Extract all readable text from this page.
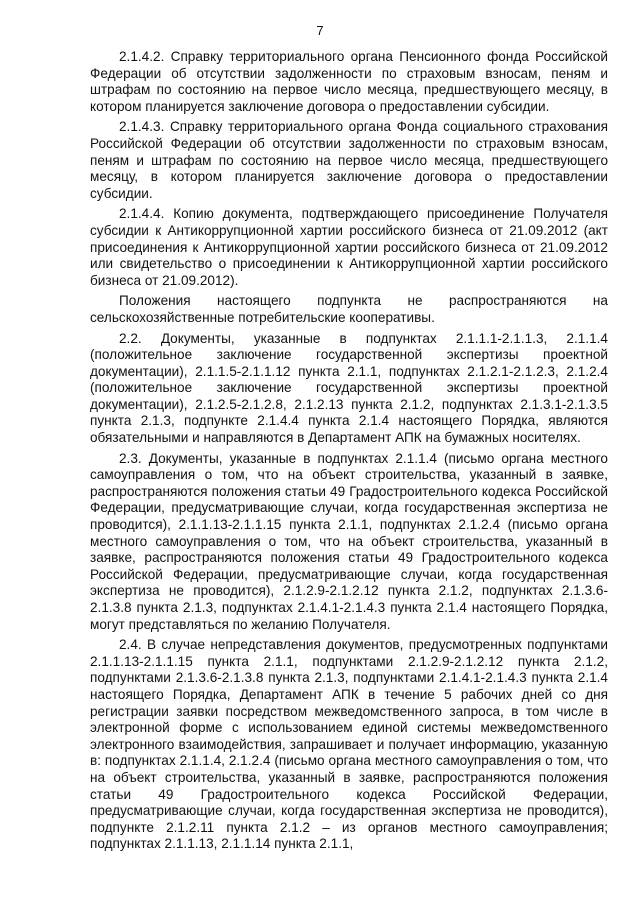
7

2.1.4.2. Справку территориального органа Пенсионного фонда Российской Федерации об отсутствии задолженности по страховым взносам, пеням и штрафам по состоянию на первое число месяца, предшествующего месяцу, в котором планируется заключение договора о предоставлении субсидии.

2.1.4.3. Справку территориального органа Фонда социального страхования Российской Федерации об отсутствии задолженности по страховым взносам, пеням и штрафам по состоянию на первое число месяца, предшествующего месяцу, в котором планируется заключение договора о предоставлении субсидии.

2.1.4.4. Копию документа, подтверждающего присоединение Получателя субсидии к Антикоррупционной хартии российского бизнеса от 21.09.2012 (акт присоединения к Антикоррупционной хартии российского бизнеса от 21.09.2012 или свидетельство о присоединении к Антикоррупционной хартии российского бизнеса от 21.09.2012).

Положения настоящего подпункта не распространяются на сельскохозяйственные потребительские кооперативы.

2.2. Документы, указанные в подпунктах 2.1.1.1-2.1.1.3, 2.1.1.4 (положительное заключение государственной экспертизы проектной документации), 2.1.1.5-2.1.1.12 пункта 2.1.1, подпунктах 2.1.2.1-2.1.2.3, 2.1.2.4 (положительное заключение государственной экспертизы проектной документации), 2.1.2.5-2.1.2.8, 2.1.2.13 пункта 2.1.2, подпунктах 2.1.3.1-2.1.3.5 пункта 2.1.3, подпункте 2.1.4.4 пункта 2.1.4 настоящего Порядка, являются обязательными и направляются в Департамент АПК на бумажных носителях.

2.3. Документы, указанные в подпунктах 2.1.1.4 (письмо органа местного самоуправления о том, что на объект строительства, указанный в заявке, распространяются положения статьи 49 Градостроительного кодекса Российской Федерации, предусматривающие случаи, когда государственная экспертиза не проводится), 2.1.1.13-2.1.1.15 пункта 2.1.1, подпунктах 2.1.2.4 (письмо органа местного самоуправления о том, что на объект строительства, указанный в заявке, распространяются положения статьи 49 Градостроительного кодекса Российской Федерации, предусматривающие случаи, когда государственная экспертиза не проводится), 2.1.2.9-2.1.2.12 пункта 2.1.2, подпунктах 2.1.3.6-2.1.3.8 пункта 2.1.3, подпунктах 2.1.4.1-2.1.4.3 пункта 2.1.4 настоящего Порядка, могут представляться по желанию Получателя.

2.4. В случае непредставления документов, предусмотренных подпунктами 2.1.1.13-2.1.1.15 пункта 2.1.1, подпунктами 2.1.2.9-2.1.2.12 пункта 2.1.2, подпунктами 2.1.3.6-2.1.3.8 пункта 2.1.3, подпунктами 2.1.4.1-2.1.4.3 пункта 2.1.4 настоящего Порядка, Департамент АПК в течение 5 рабочих дней со дня регистрации заявки посредством межведомственного запроса, в том числе в электронной форме с использованием единой системы межведомственного электронного взаимодействия, запрашивает и получает информацию, указанную в: подпунктах 2.1.1.4, 2.1.2.4 (письмо органа местного самоуправления о том, что на объект строительства, указанный в заявке, распространяются положения статьи 49 Градостроительного кодекса Российской Федерации, предусматривающие случаи, когда государственная экспертиза не проводится), подпункте 2.1.2.11 пункта 2.1.2 – из органов местного самоуправления; подпунктах 2.1.1.13, 2.1.1.14 пункта 2.1.1,
